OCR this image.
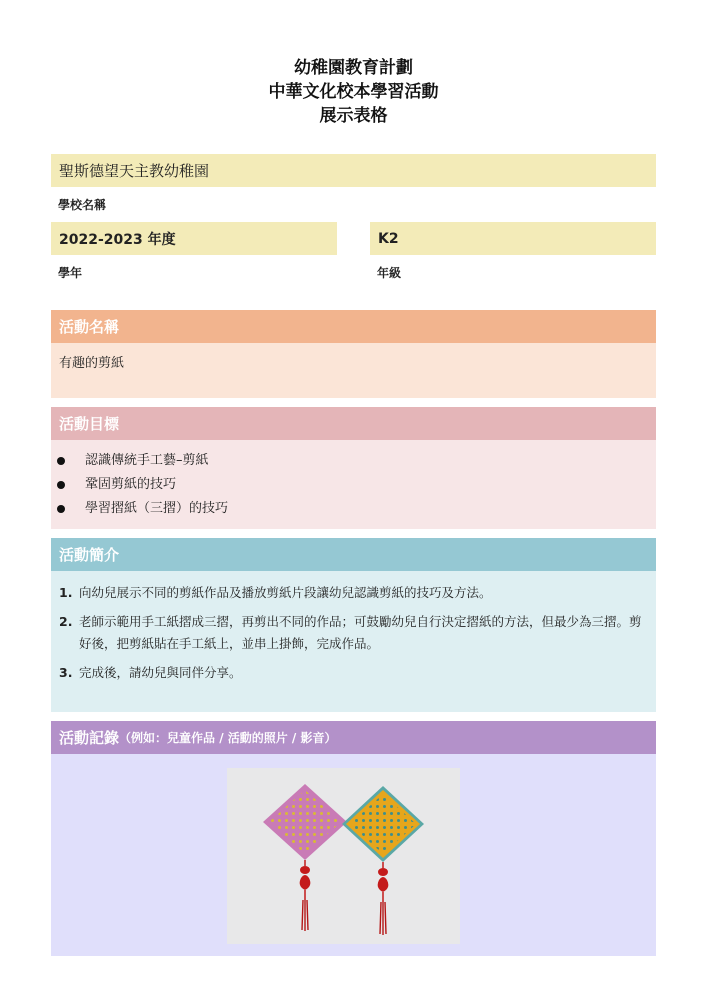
幼稚園教育計劃
中華文化校本學習活動
展示表格
聖斯德望天主教幼稚園
學校名稱
2022-2023 年度
學年
K2
年級
活動名稱
有趣的剪紙
活動目標
認識傳統手工藝–剪紙
鞏固剪紙的技巧
學習摺紙（三摺）的技巧
活動簡介
1. 向幼兒展示不同的剪紙作品及播放剪紙片段讓幼兒認識剪紙的技巧及方法。
2. 老師示範用手工紙摺成三摺，再剪出不同的作品；可鼓勵幼兒自行決定摺紙的方法，但最少為三摺。剪好後，把剪紙貼在手工紙上，並串上掛飾，完成作品。
3. 完成後，請幼兒與同伴分享。
活動記錄 （例如：兒童作品 / 活動的照片 / 影音）
